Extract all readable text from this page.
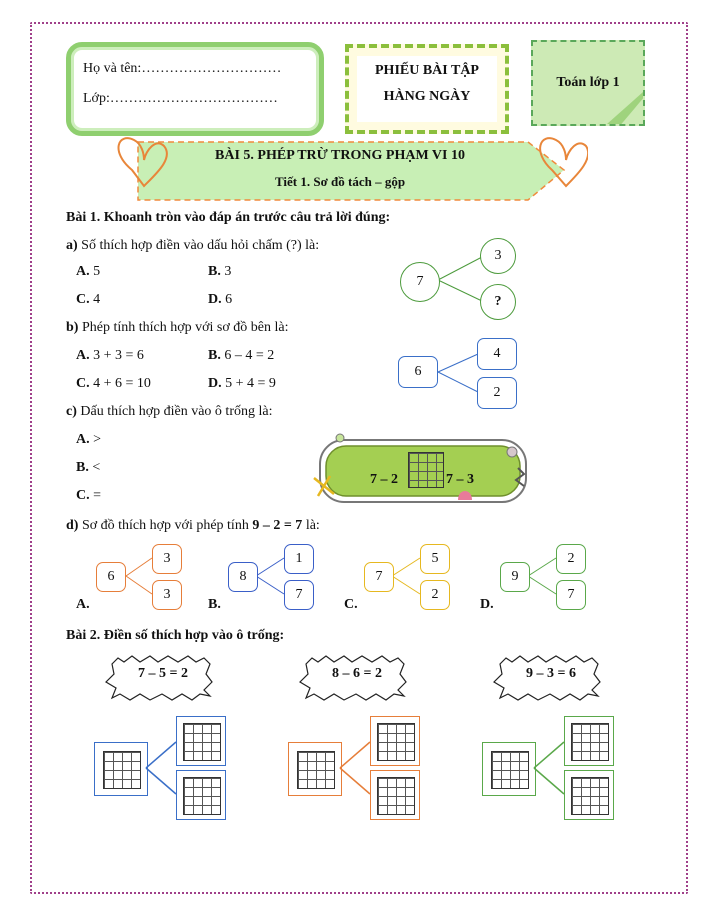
Họ và tên:…………………………
Lớp:………………………………
PHIẾU BÀI TẬP
HÀNG NGÀY
Toán lớp 1
BÀI 5. PHÉP TRỪ TRONG PHẠM VI 10
Tiết 1. Sơ đồ tách – gộp
Bài 1. Khoanh tròn vào đáp án trước câu trả lời đúng:
a) Số thích hợp điền vào dấu hỏi chấm (?) là:
A. 5	B. 3
C. 4	D. 6
7
3
?
b) Phép tính thích hợp với sơ đồ bên là:
A. 3 + 3 = 6	B. 6 – 4 = 2
C. 4 + 6 = 10	D. 5 + 4 = 9
6
4
2
c) Dấu thích hợp điền vào ô trống là:
A. >
B. <
C. =
7 – 2	7 – 3
d) Sơ đồ thích hợp với phép tính 9 – 2 = 7 là:
A.
6
3
3
B.
8
1
7
C.
7
5
2
D.
9
2
7
Bài 2. Điền số thích hợp vào ô trống:
7 – 5 = 2	8 – 6 = 2	9 – 3 = 6
